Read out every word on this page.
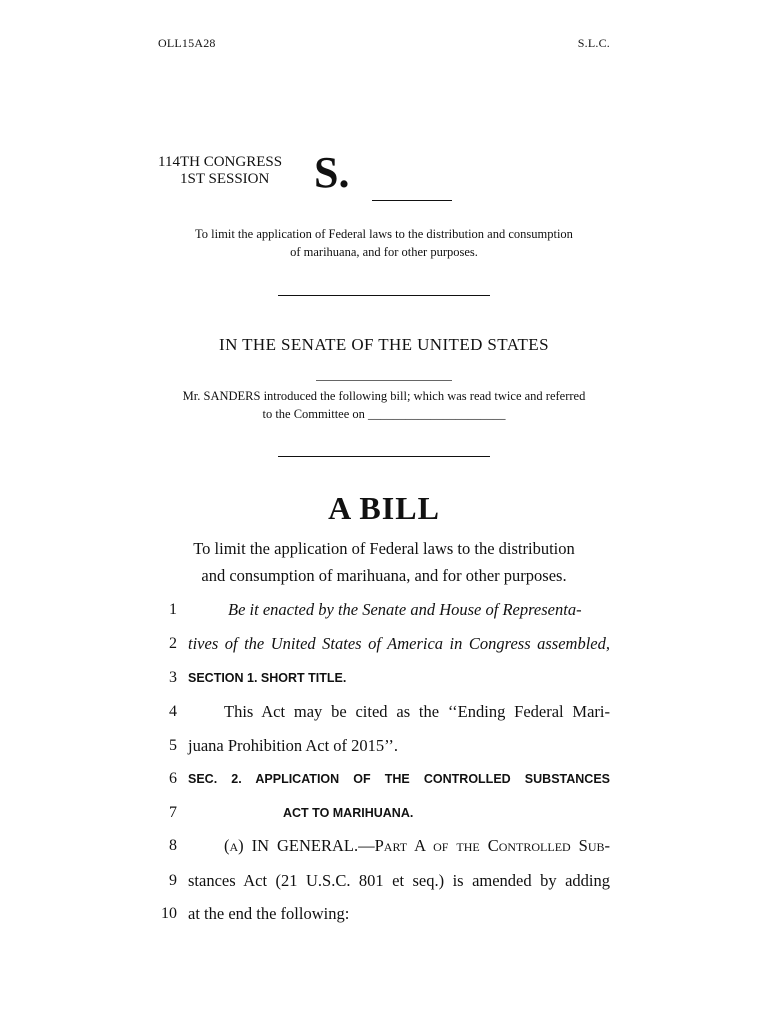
OLL15A28	S.L.C.
114TH CONGRESS
1ST SESSION S.
To limit the application of Federal laws to the distribution and consumption
of marihuana, and for other purposes.
IN THE SENATE OF THE UNITED STATES
Mr. SANDERS introduced the following bill; which was read twice and referred
to the Committee on ______________________
A BILL
To limit the application of Federal laws to the distribution
and consumption of marihuana, and for other purposes.
1	Be it enacted by the Senate and House of Representa-
2 tives of the United States of America in Congress assembled,
3 SECTION 1. SHORT TITLE.
4	This Act may be cited as the ‘‘Ending Federal Mari-
5 juana Prohibition Act of 2015’’.
6 SEC. 2. APPLICATION OF THE CONTROLLED SUBSTANCES
7	ACT TO MARIHUANA.
8	(a) IN GENERAL.—Part A of the Controlled Sub-
9 stances Act (21 U.S.C. 801 et seq.) is amended by adding
10 at the end the following:
